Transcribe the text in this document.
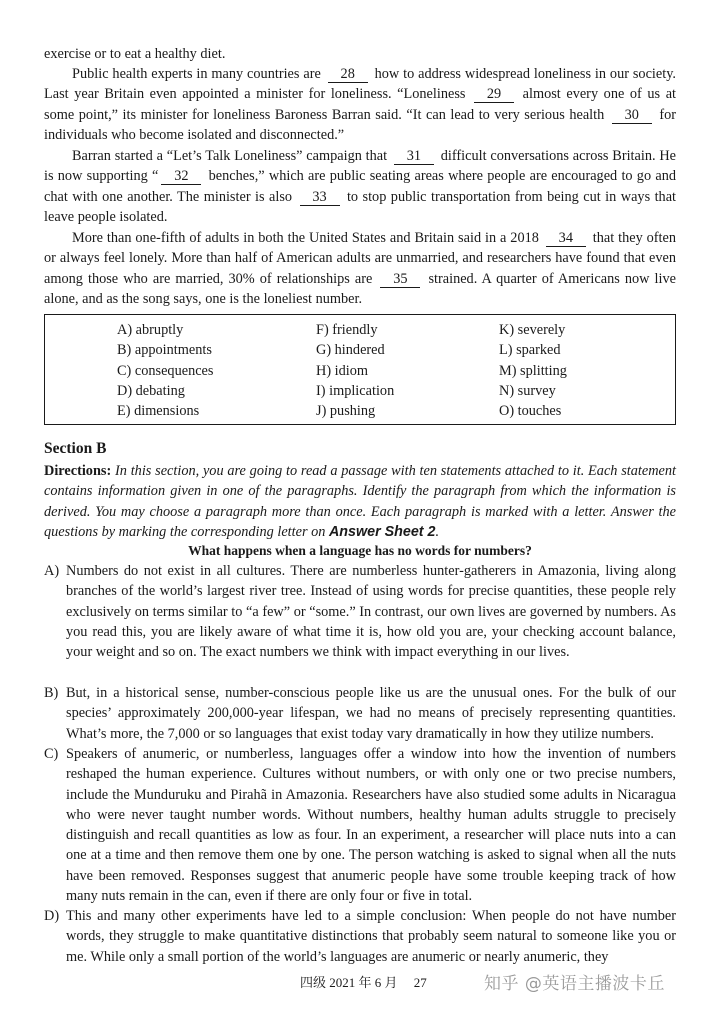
exercise or to eat a healthy diet.
Public health experts in many countries are 28 how to address widespread loneliness in our society. Last year Britain even appointed a minister for loneliness. “Loneliness 29 almost every one of us at some point,” its minister for loneliness Baroness Barran said. “It can lead to very serious health 30 for individuals who become isolated and disconnected.”
Barran started a “Let’s Talk Loneliness” campaign that 31 difficult conversations across Britain. He is now supporting “ 32 benches,” which are public seating areas where people are encouraged to go and chat with one another. The minister is also 33 to stop public transportation from being cut in ways that leave people isolated.
More than one-fifth of adults in both the United States and Britain said in a 2018 34 that they often or always feel lonely. More than half of American adults are unmarried, and researchers have found that even among those who are married, 30% of relationships are 35 strained. A quarter of Americans now live alone, and as the song says, one is the loneliest number.
A) abruptly
B) appointments
C) consequences
D) debating
E) dimensions
F) friendly
G) hindered
H) idiom
I) implication
J) pushing
K) severely
L) sparked
M) splitting
N) survey
O) touches
Section B
Directions: In this section, you are going to read a passage with ten statements attached to it. Each statement contains information given in one of the paragraphs. Identify the paragraph from which the information is derived. You may choose a paragraph more than once. Each paragraph is marked with a letter. Answer the questions by marking the corresponding letter on Answer Sheet 2.
What happens when a language has no words for numbers?
A) Numbers do not exist in all cultures. There are numberless hunter-gatherers in Amazonia, living along branches of the world’s largest river tree. Instead of using words for precise quantities, these people rely exclusively on terms similar to “a few” or “some.” In contrast, our own lives are governed by numbers. As you read this, you are likely aware of what time it is, how old you are, your checking account balance, your weight and so on. The exact numbers we think with impact everything in our lives.
B) But, in a historical sense, number-conscious people like us are the unusual ones. For the bulk of our species’ approximately 200,000-year lifespan, we had no means of precisely representing quantities. What’s more, the 7,000 or so languages that exist today vary dramatically in how they utilize numbers.
C) Speakers of anumeric, or numberless, languages offer a window into how the invention of numbers reshaped the human experience. Cultures without numbers, or with only one or two precise numbers, include the Munduruku and Pirahã in Amazonia. Researchers have also studied some adults in Nicaragua who were never taught number words. Without numbers, healthy human adults struggle to precisely distinguish and recall quantities as low as four. In an experiment, a researcher will place nuts into a can one at a time and then remove them one by one. The person watching is asked to signal when all the nuts have been removed. Responses suggest that anumeric people have some trouble keeping track of how many nuts remain in the can, even if there are only four or five in total.
D) This and many other experiments have led to a simple conclusion: When people do not have number words, they struggle to make quantitative distinctions that probably seem natural to someone like you or me. While only a small portion of the world’s languages are anumeric or nearly anumeric, they
四级 2021 年 6 月　 27	知乎 @英语主播波卡丘
